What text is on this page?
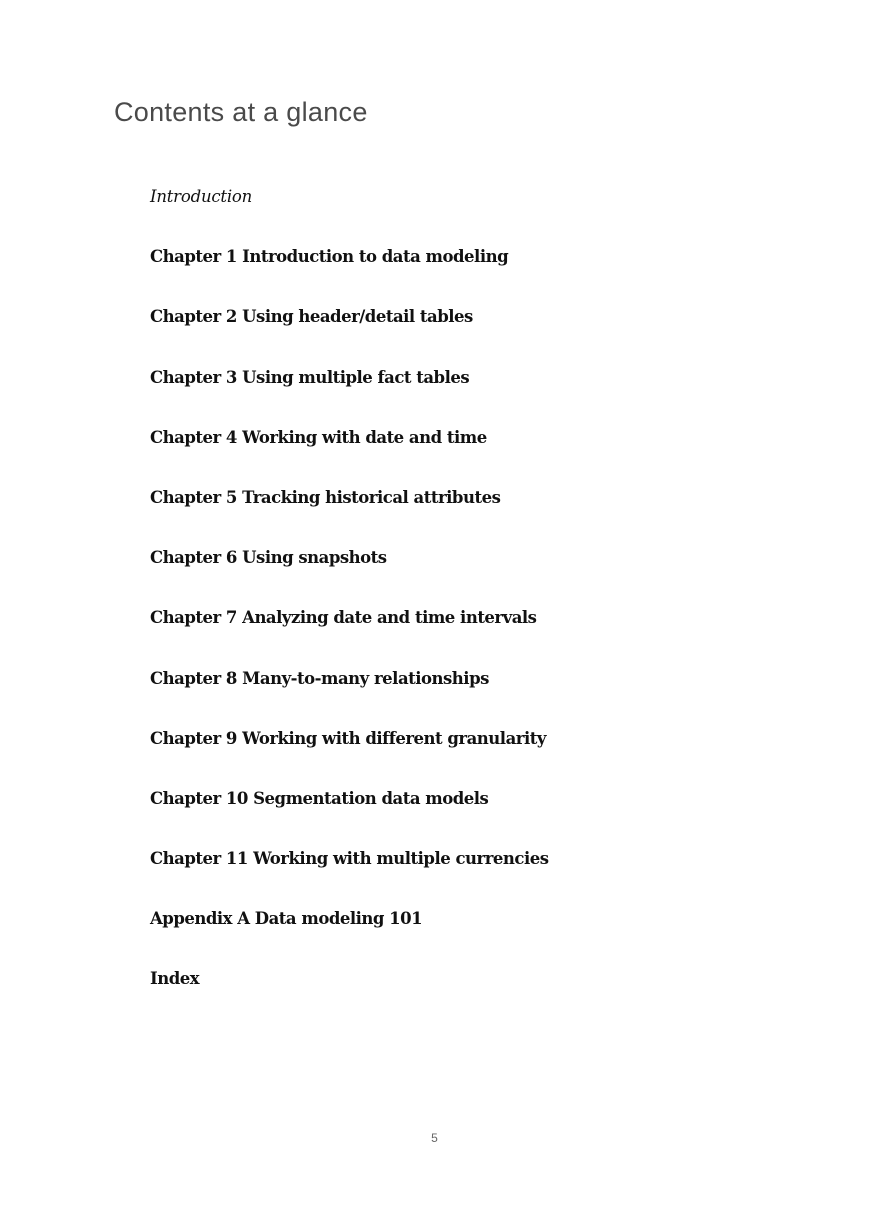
Contents at a glance
Introduction
Chapter 1 Introduction to data modeling
Chapter 2 Using header/detail tables
Chapter 3 Using multiple fact tables
Chapter 4 Working with date and time
Chapter 5 Tracking historical attributes
Chapter 6 Using snapshots
Chapter 7 Analyzing date and time intervals
Chapter 8 Many-to-many relationships
Chapter 9 Working with different granularity
Chapter 10 Segmentation data models
Chapter 11 Working with multiple currencies
Appendix A Data modeling 101
Index
5
